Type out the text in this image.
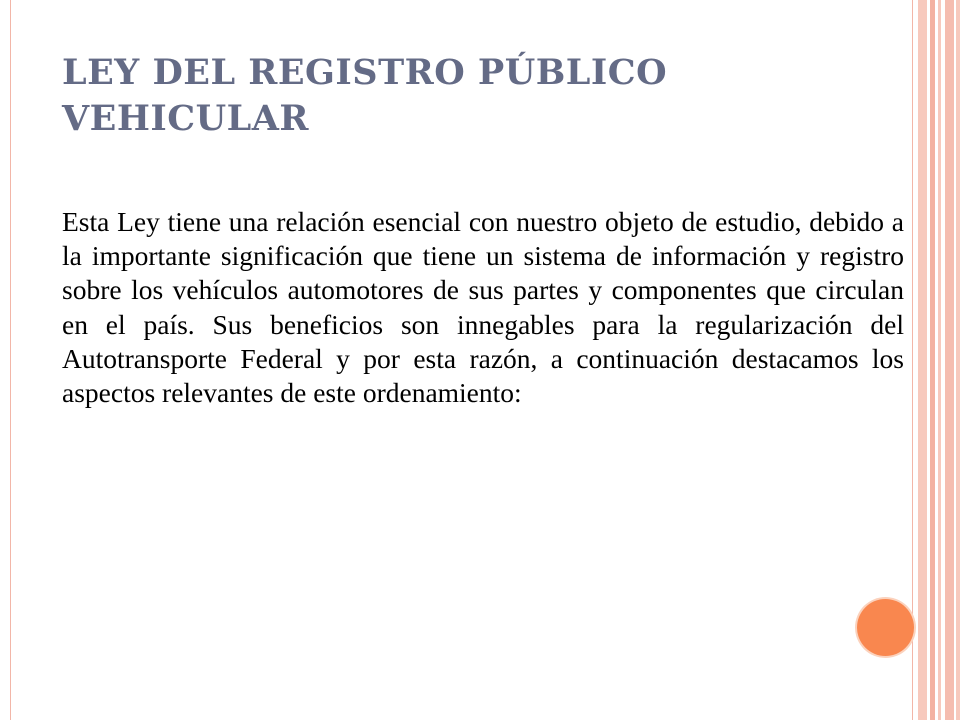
LEY DEL REGISTRO PÚBLICO VEHICULAR

Esta Ley tiene una relación esencial con nuestro objeto de estudio, debido a la importante significación que tiene un sistema de información y registro sobre los vehículos automotores de sus partes y componentes que circulan en el país. Sus beneficios son innegables para la regularización del Autotransporte Federal y por esta razón, a continuación destacamos los aspectos relevantes de este ordenamiento:
